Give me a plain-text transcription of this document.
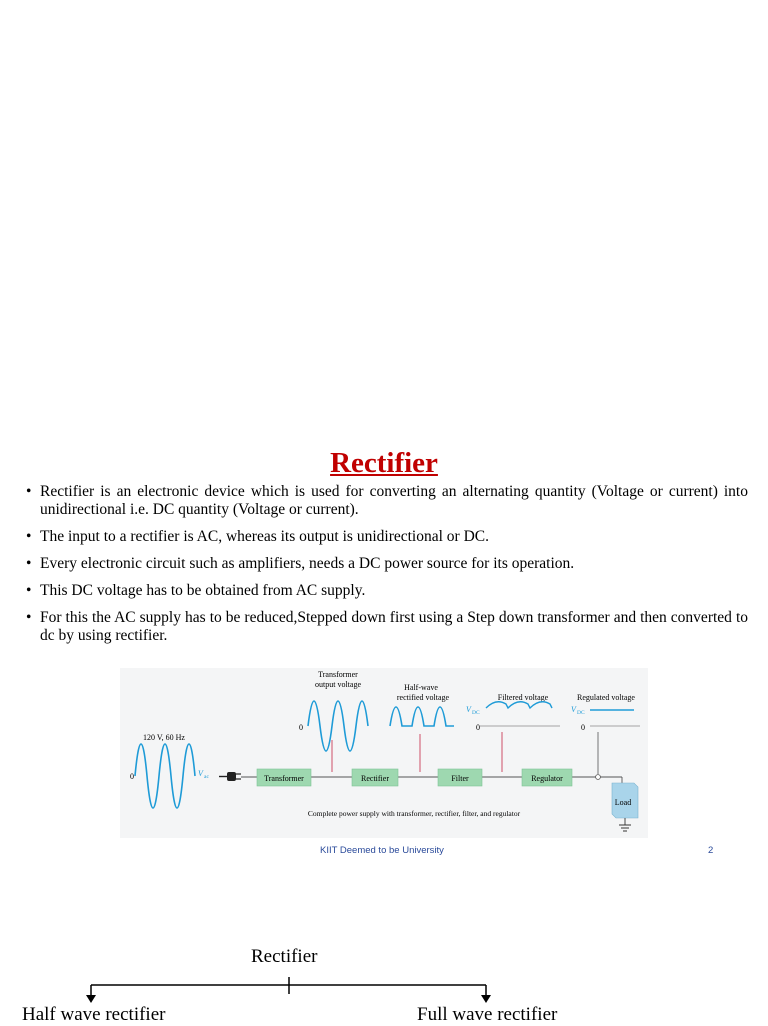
Rectifier
• Rectifier is an electronic device which is used for converting an alternating quantity (Voltage or current) into unidirectional i.e. DC quantity (Voltage or current).
• The input to a rectifier is AC, whereas its output is unidirectional or DC.
• Every electronic circuit such as amplifiers, needs a DC power source for its operation.
• This DC voltage has to be obtained from AC supply.
• For this the AC supply has to be reduced,Stepped down first using a Step down transformer and then converted to dc by using rectifier.
Transformer
output voltage	Half-wave
rectified voltage	Filtered voltage	Regulated voltage
120 V, 60 Hz
0
0	0	0
V ac
V DC	V DC
Transformer	Rectifier	Filter	Regulator
Load
Complete power supply with transformer, rectifier, filter, and regulator
KIIT Deemed to be University	2
Rectifier
Half wave rectifier	Full wave rectifier
